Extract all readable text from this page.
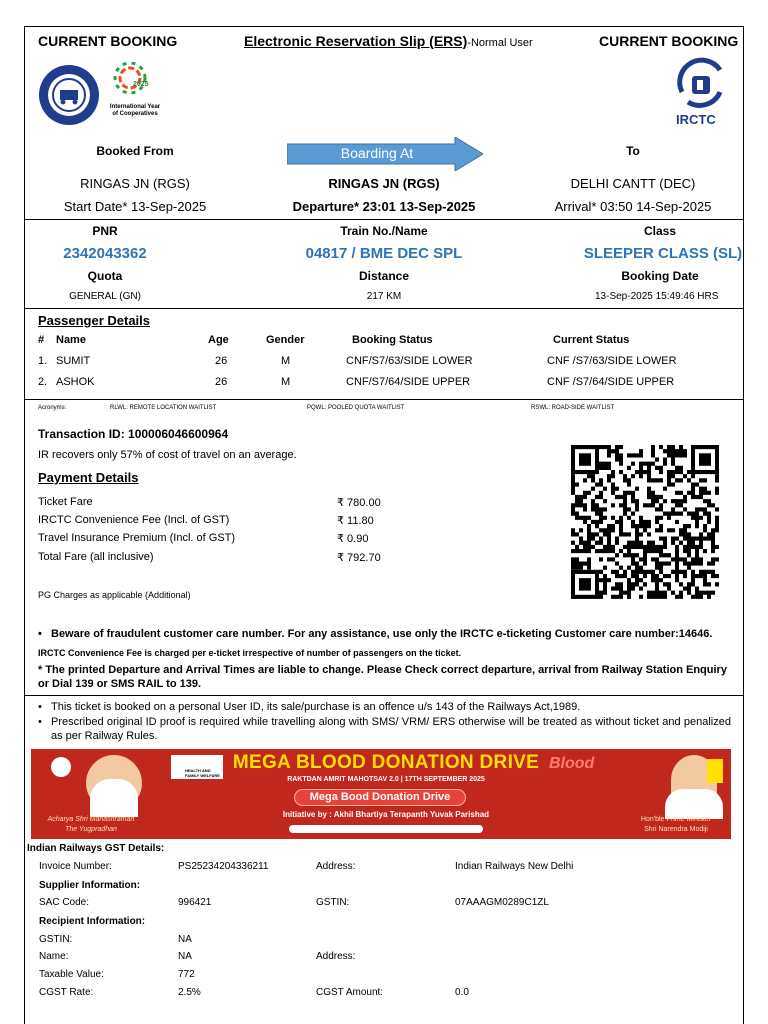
CURRENT BOOKING	Electronic Reservation Slip (ERS)-Normal User	CURRENT BOOKING
2025
International Year
of Cooperatives	IRCTC
Booked From	Boarding At	To
RINGAS JN (RGS)	RINGAS JN (RGS)	DELHI CANTT (DEC)
Start Date* 13-Sep-2025	Departure* 23:01 13-Sep-2025	Arrival* 03:50 14-Sep-2025
PNR	Train No./Name	Class
2342043362	04817 / BME DEC SPL	SLEEPER CLASS (SL)
Quota	Distance	Booking Date
GENERAL (GN)	217 KM	13-Sep-2025 15:49:46 HRS
Passenger Details
# Name	Age	Gender	Booking Status	Current Status
1. SUMIT	26	M	CNF/S7/63/SIDE LOWER	CNF /S7/63/SIDE LOWER
2. ASHOK	26	M	CNF/S7/64/SIDE UPPER	CNF /S7/64/SIDE UPPER
Acronyms:	RLWL: REMOTE LOCATION WAITLIST	PQWL: POOLED QUOTA WAITLIST	RSWL: ROAD-SIDE WAITLIST
Transaction ID: 100006046600964
IR recovers only 57% of cost of travel on an average.
Payment Details
Ticket Fare	₹ 780.00
IRCTC Convenience Fee (Incl. of GST)	₹ 11.80
Travel Insurance Premium (Incl. of GST)	₹ 0.90
Total Fare (all inclusive)	₹ 792.70
PG Charges as applicable (Additional)
• Beware of fraudulent customer care number. For any assistance, use only the IRCTC e-ticketing Customer care number:14646.
IRCTC Convenience Fee is charged per e-ticket irrespective of number of passengers on the ticket.
* The printed Departure and Arrival Times are liable to change. Please Check correct departure, arrival from Railway Station Enquiry or Dial 139 or SMS RAIL to 139.
• This ticket is booked on a personal User ID, its sale/purchase is an offence u/s 143 of the Railways Act,1989.
• Prescribed original ID proof is required while travelling along with SMS/ VRM/ ERS otherwise will be treated as without ticket and penalized as per Railway Rules.
Acharya Shri Mahashraman
The Yugpradhan
HEALTH AND FAMILY WELFARE
MEGA BLOOD DONATION DRIVE
RAKTDAN AMRIT MAHOTSAV 2.0 | 17TH SEPTEMBER 2025
Mega Bood Donation Drive
Initiative by : Akhil Bhartiya Terapanth Yuvak Parishad
Blood
Hon'ble Prime Minister
Shri Narendra Modiji
Indian Railways GST Details:
Invoice Number:	PS25234204336211	Address:	Indian Railways New Delhi
Supplier Information:
SAC Code:	996421	GSTIN:	07AAAGM0289C1ZL
Recipient Information:
GSTIN:	NA
Name:	NA	Address:
Taxable Value:	772
CGST Rate:	2.5%	CGST Amount:	0.0
